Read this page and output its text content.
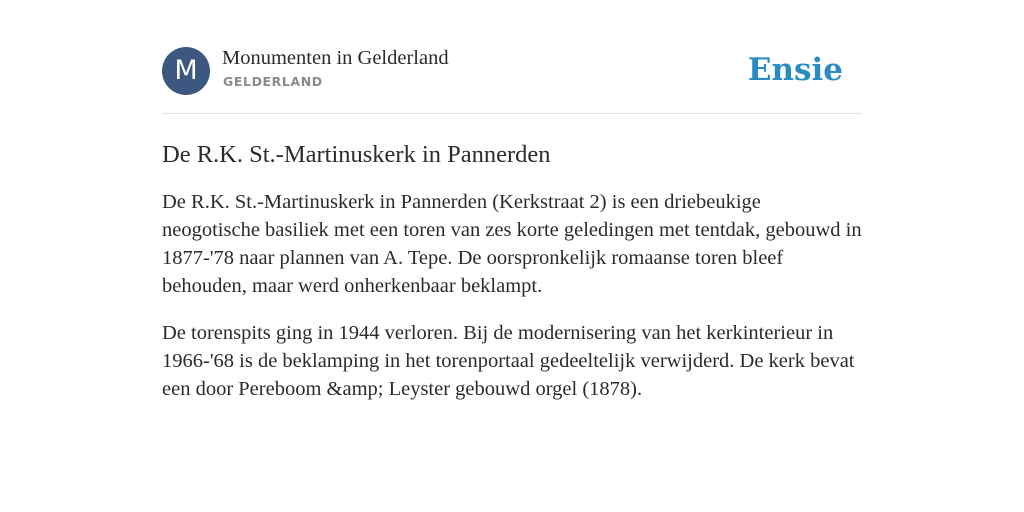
M	Monumenten in Gelderland
GELDERLAND	Ensie
De R.K. St.-Martinuskerk in Pannerden

De R.K. St.-Martinuskerk in Pannerden (Kerkstraat 2) is een driebeukige neogotische basiliek met een toren van zes korte geledingen met tentdak, gebouwd in 1877-'78 naar plannen van A. Tepe. De oorspronkelijk romaanse toren bleef behouden, maar werd onherkenbaar beklampt.

De torenspits ging in 1944 verloren. Bij de modernisering van het kerkinterieur in 1966-'68 is de beklamping in het torenportaal gedeeltelijk verwijderd. De kerk bevat een door Pereboom &amp; Leyster gebouwd orgel (1878).
